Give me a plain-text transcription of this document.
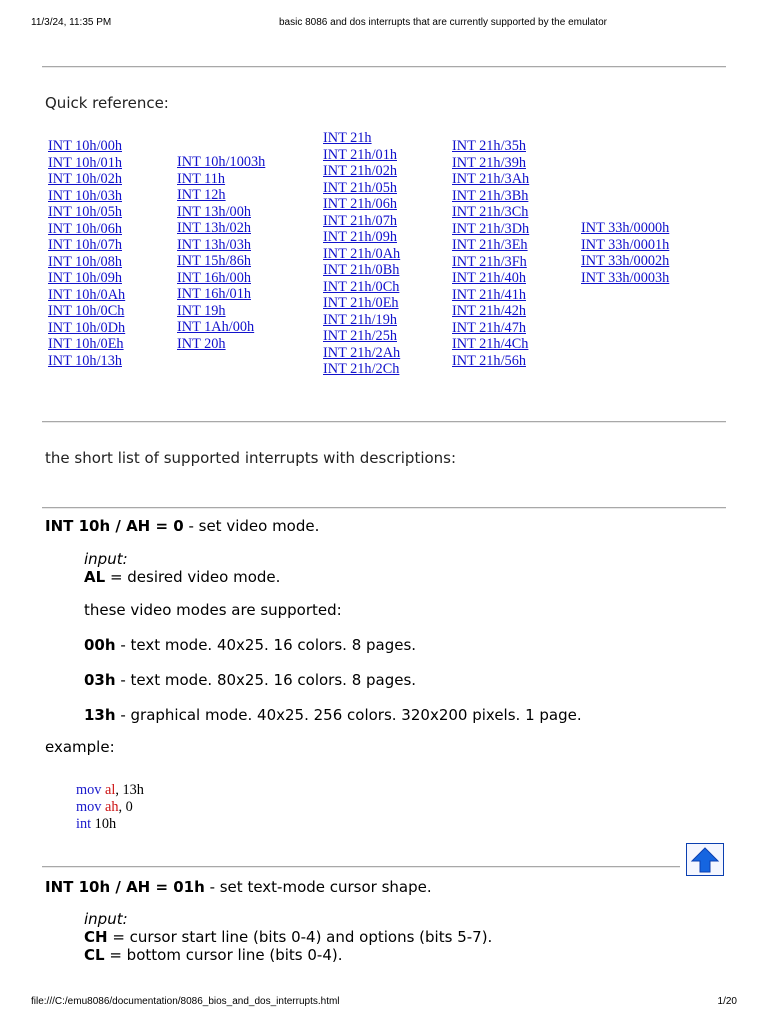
11/3/24, 11:35 PM	basic 8086 and dos interrupts that are currently supported by the emulator
Quick reference:
INT 10h/00h
INT 10h/01h
INT 10h/02h
INT 10h/03h
INT 10h/05h
INT 10h/06h
INT 10h/07h
INT 10h/08h
INT 10h/09h
INT 10h/0Ah
INT 10h/0Ch
INT 10h/0Dh
INT 10h/0Eh
INT 10h/13h
INT 10h/1003h
INT 11h
INT 12h
INT 13h/00h
INT 13h/02h
INT 13h/03h
INT 15h/86h
INT 16h/00h
INT 16h/01h
INT 19h
INT 1Ah/00h
INT 20h
INT 21h
INT 21h/01h
INT 21h/02h
INT 21h/05h
INT 21h/06h
INT 21h/07h
INT 21h/09h
INT 21h/0Ah
INT 21h/0Bh
INT 21h/0Ch
INT 21h/0Eh
INT 21h/19h
INT 21h/25h
INT 21h/2Ah
INT 21h/2Ch
INT 21h/35h
INT 21h/39h
INT 21h/3Ah
INT 21h/3Bh
INT 21h/3Ch
INT 21h/3Dh
INT 21h/3Eh
INT 21h/3Fh
INT 21h/40h
INT 21h/41h
INT 21h/42h
INT 21h/47h
INT 21h/4Ch
INT 21h/56h
INT 33h/0000h
INT 33h/0001h
INT 33h/0002h
INT 33h/0003h
the short list of supported interrupts with descriptions:
INT 10h / AH = 0 - set video mode.
input:
AL = desired video mode.
these video modes are supported:
00h - text mode. 40x25. 16 colors. 8 pages.
03h - text mode. 80x25. 16 colors. 8 pages.
13h - graphical mode. 40x25. 256 colors. 320x200 pixels. 1 page.
example:
mov al, 13h
mov ah, 0
int 10h
INT 10h / AH = 01h - set text-mode cursor shape.
input:
CH = cursor start line (bits 0-4) and options (bits 5-7).
CL = bottom cursor line (bits 0-4).
file:///C:/emu8086/documentation/8086_bios_and_dos_interrupts.html	1/20
